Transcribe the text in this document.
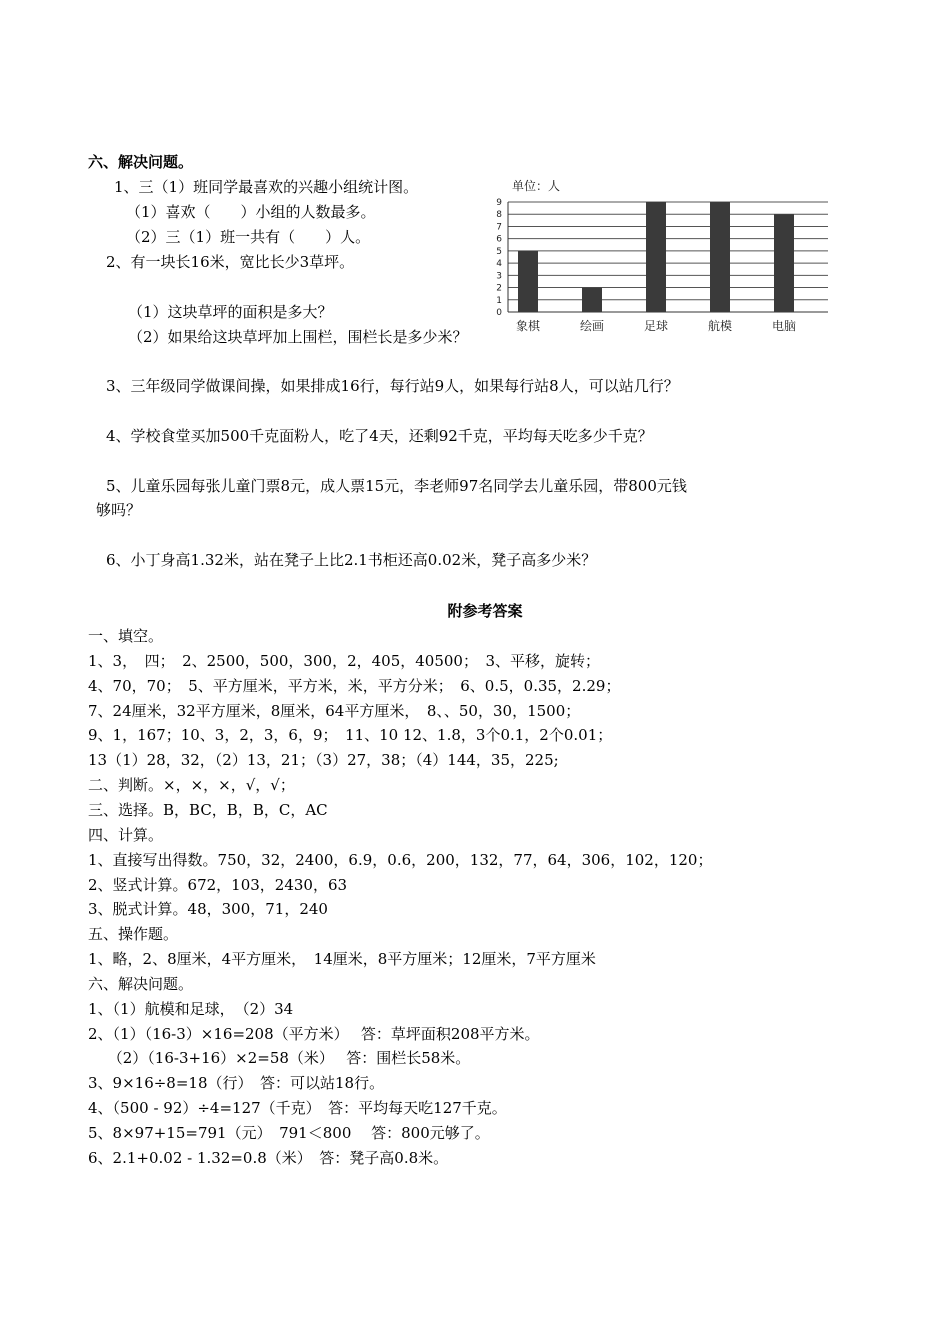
六、解决问题。
1、三（1）班同学最喜欢的兴趣小组统计图。
（1）喜欢（　　）小组的人数最多。
（2）三（1）班一共有（　　）人。
2、有一块长16米，宽比长少3草坪。
（1）这块草坪的面积是多大？
（2）如果给这块草坪加上围栏，围栏长是多少米？
3、三年级同学做课间操，如果排成16行，每行站9人，如果每行站8人，可以站几行？
4、学校食堂买加500千克面粉人，吃了4天，还剩92千克，平均每天吃多少千克？
5、儿童乐园每张儿童门票8元，成人票15元，李老师97名同学去儿童乐园，带800元钱
够吗？
6、小丁身高1.32米，站在凳子上比2.1书柜还高0.02米，凳子高多少米？
单位：人
0
1
2
3
4
5
6
7
8
9
象棋	绘画	足球	航模	电脑
附参考答案
一、填空。
1、3，　四；　2、2500，500，300，2，405，40500；　3、平移，旋转；
4、70，70；　5、平方厘米，平方米，米，平方分米；　6、0.5，0.35，2.29；
7、24厘米，32平方厘米，8厘米，64平方厘米，　8、、50，30，1500；
9、1，167；10、3，2，3，6，9；　11、10 12、1.8，3个0.1，2个0.01；
13（1）28，32，（2）13，21；（3）27，38；（4）144，35，225;
二、判断。×，×，×，√，√；
三、选择。B，BC，B，B，C，AC
四、计算。
1、直接写出得数。750，32，2400，6.9，0.6，200，132，77，64，306，102，120；
2、竖式计算。672，103，2430，63
3、脱式计算。48，300，71，240
五、操作题。
1、略，2、8厘米，4平方厘米，　14厘米，8平方厘米；12厘米，7平方厘米
六、解决问题。
1、（1）航模和足球，　（2）34
2、（1）（16-3）×16=208（平方米）　 答：草坪面积208平方米。
　 （2）（16-3+16）×2=58（米）　 答：围栏长58米。
3、9×16÷8=18（行）　答：可以站18行。
4、（500 - 92）÷4=127（千克）　答：平均每天吃127千克。
5、8×97+15=791（元）　791＜800　 答：800元够了。
6、2.1+0.02 - 1.32=0.8（米）　答：凳子高0.8米。
